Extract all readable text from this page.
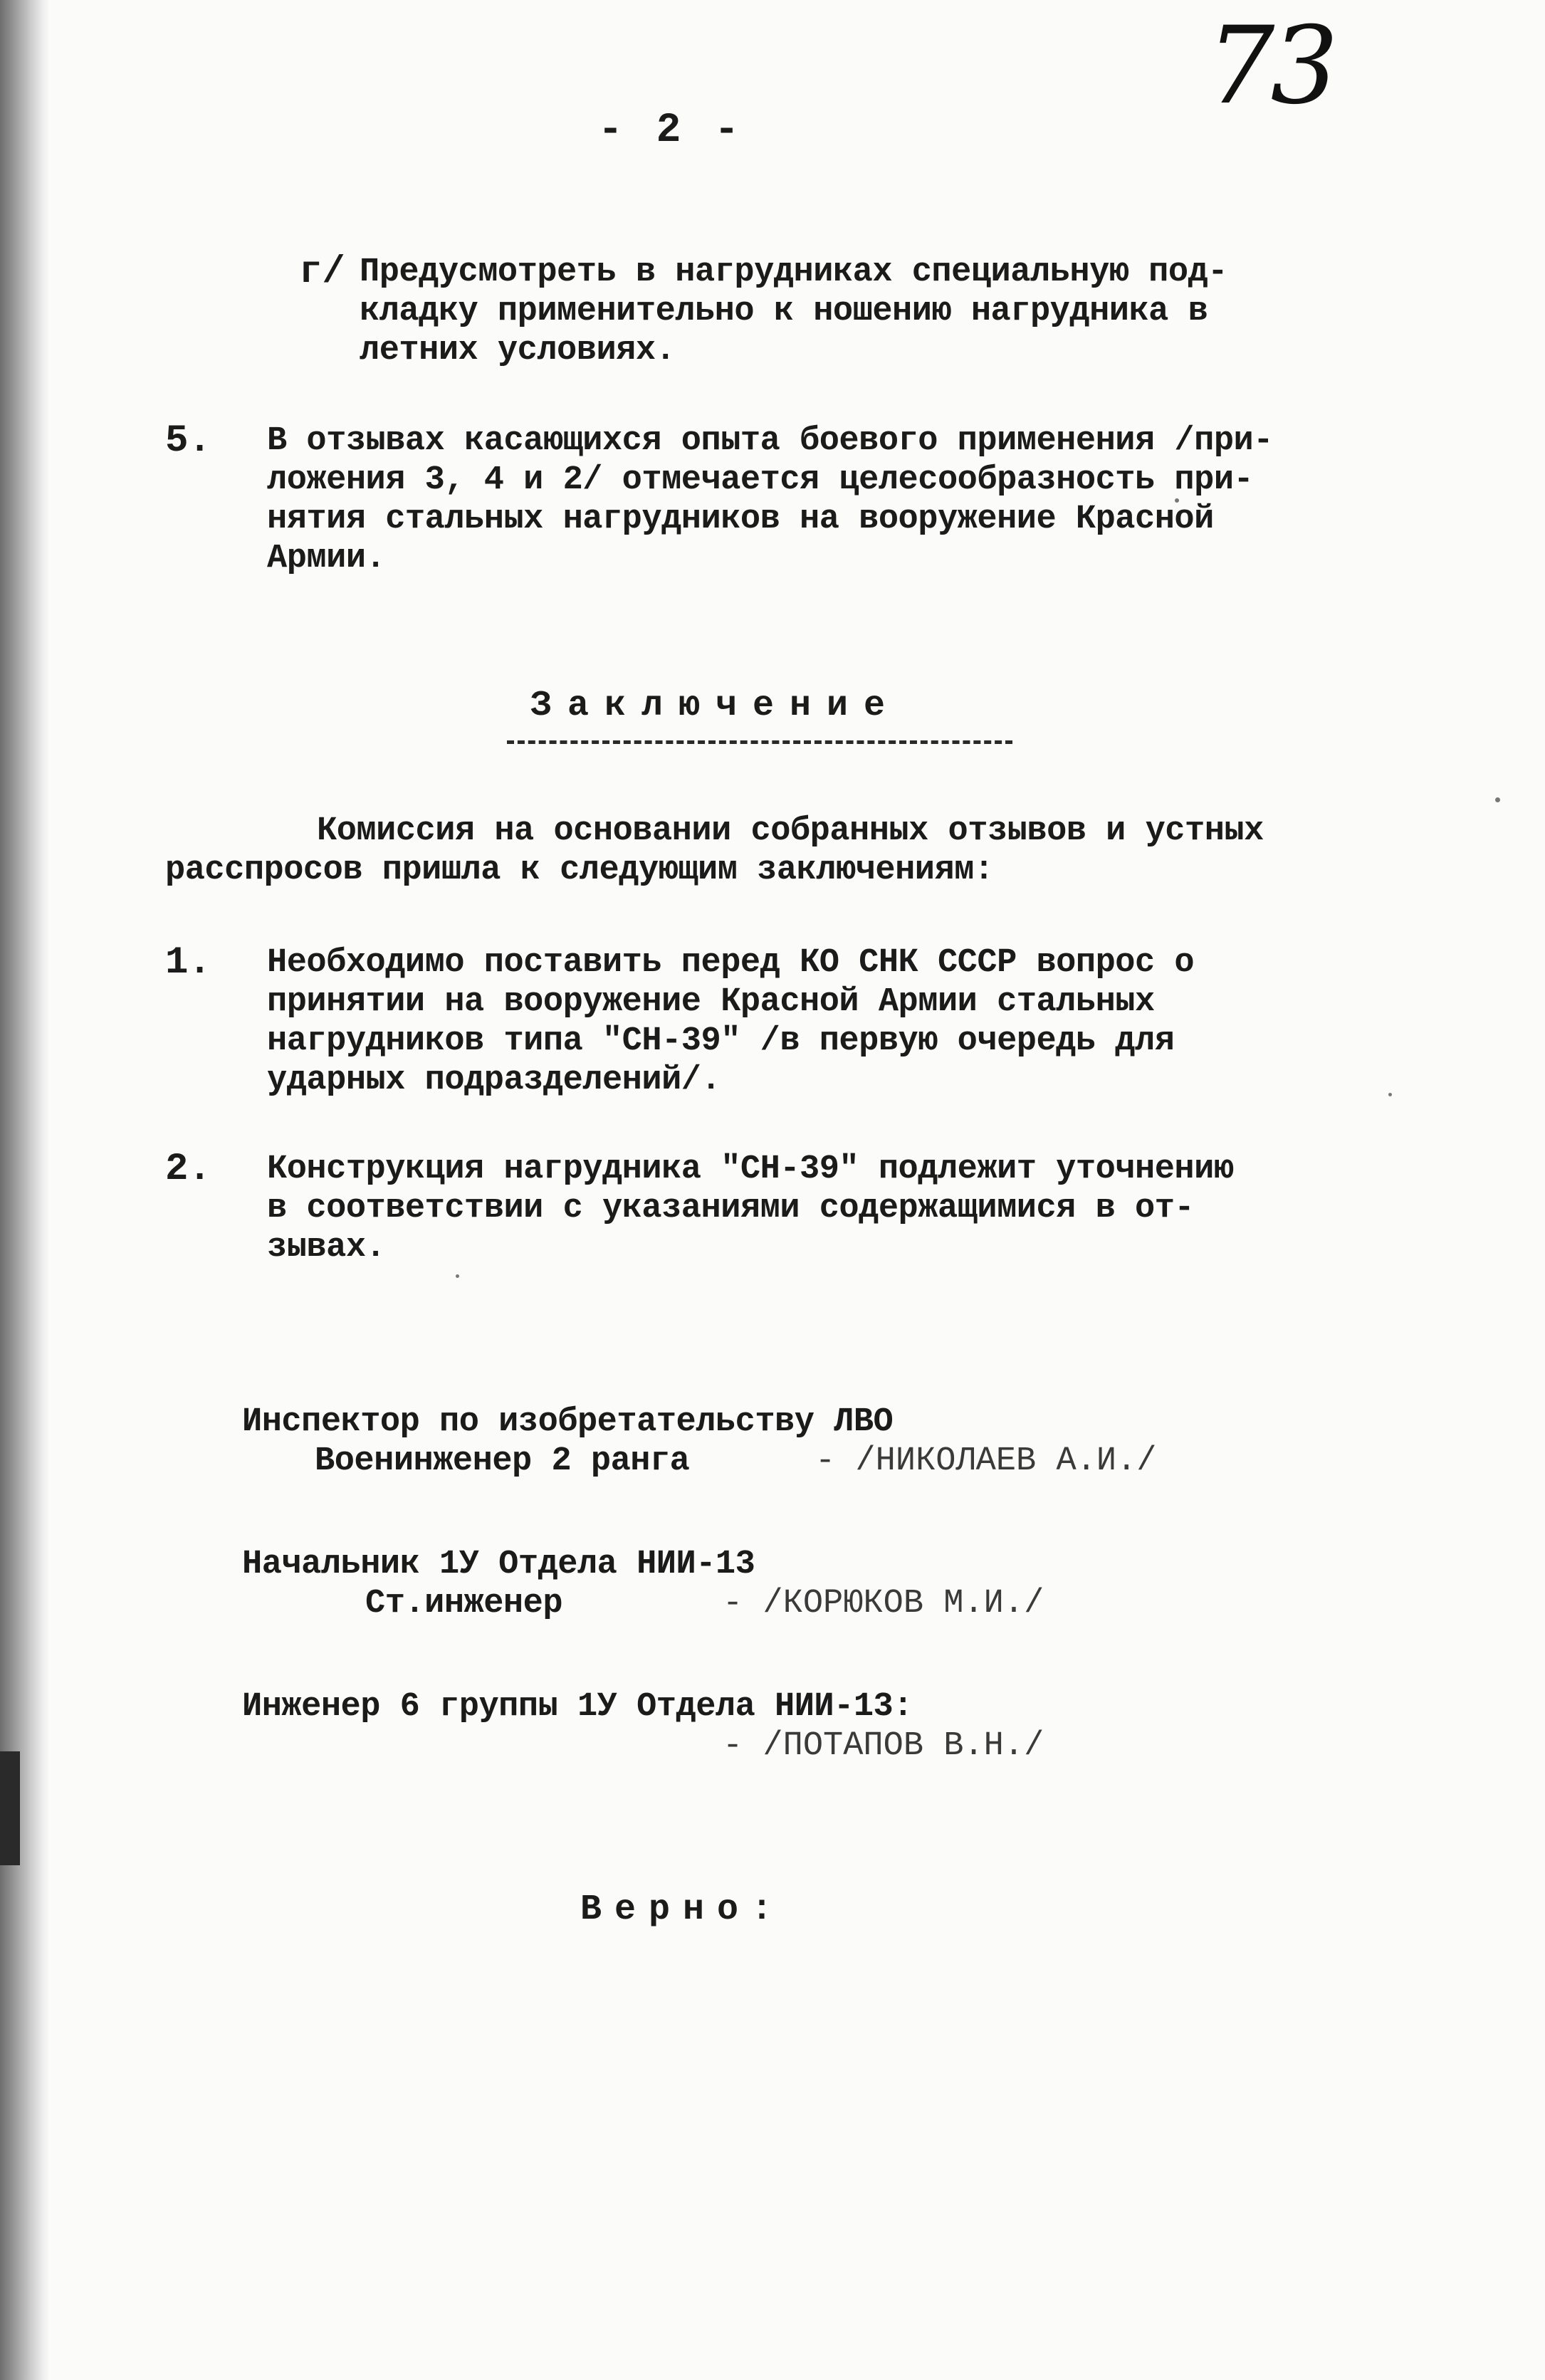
73
- 2 -
г/ Предусмотреть в нагрудниках специальную под-
кладку применительно к ношению нагрудника в
летних условиях.
5. В отзывах касающихся опыта боевого применения /при-
ложения 3, 4 и 2/ отмечается целесообразность при-
нятия стальных нагрудников на вооружение Красной
Армии.
Заключение
Комиссия на основании собранных отзывов и устных
расспросов пришла к следующим заключениям:
1. Необходимо поставить перед КО СНК СССР вопрос о
принятии на вооружение Красной Армии стальных
нагрудников типа "СН-39" /в первую очередь для
ударных подразделений/.
2. Конструкция нагрудника "СН-39" подлежит уточнению
в соответствии с указаниями содержащимися в от-
зывах.
Инспектор по изобретательству ЛВО
Военинженер 2 ранга	- /НИКОЛАЕВ А.И./
Начальник 1У Отдела НИИ-13
Ст.инженер	- /КОРЮКОВ М.И./
Инженер 6 группы 1У Отдела НИИ-13:
- /ПОТАПОВ В.Н./
Верно:
